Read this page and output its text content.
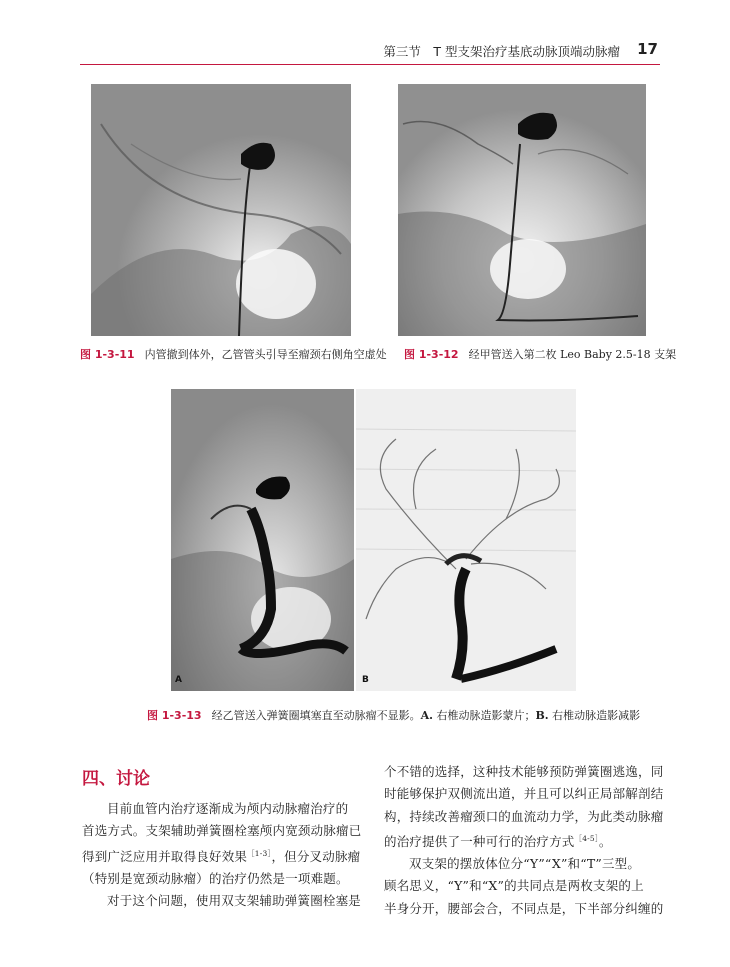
第三节　T 型支架治疗基底动脉顶端动脉瘤 17
图 1-3-11 内管撤到体外，乙管管头引导至瘤颈右侧角空虚处 图 1-3-12 经甲管送入第二枚 Leo Baby 2.5-18 支架
A	B
图 1-3-13 经乙管送入弹簧圈填塞直至动脉瘤不显影。A. 右椎动脉造影蒙片；B. 右椎动脉造影减影
四、讨论
目前血管内治疗逐渐成为颅内动脉瘤治疗的
首选方式。支架辅助弹簧圈栓塞颅内宽颈动脉瘤已
得到广泛应用并取得良好效果$^{[1-3]}$，但分叉动脉瘤
（特别是宽颈动脉瘤）的治疗仍然是一项难题。
对于这个问题，使用双支架辅助弹簧圈栓塞是
个不错的选择，这种技术能够预防弹簧圈逃逸，同
时能够保护双侧流出道，并且可以纠正局部解剖结
构，持续改善瘤颈口的血流动力学，为此类动脉瘤
的治疗提供了一种可行的治疗方式$^{[4-5]}$。
双支架的摆放体位分“Y”“X”和“T”三型。
顾名思义，“Y”和“X”的共同点是两枚支架的上
半身分开，腰部会合，不同点是，下半部分纠缠的
